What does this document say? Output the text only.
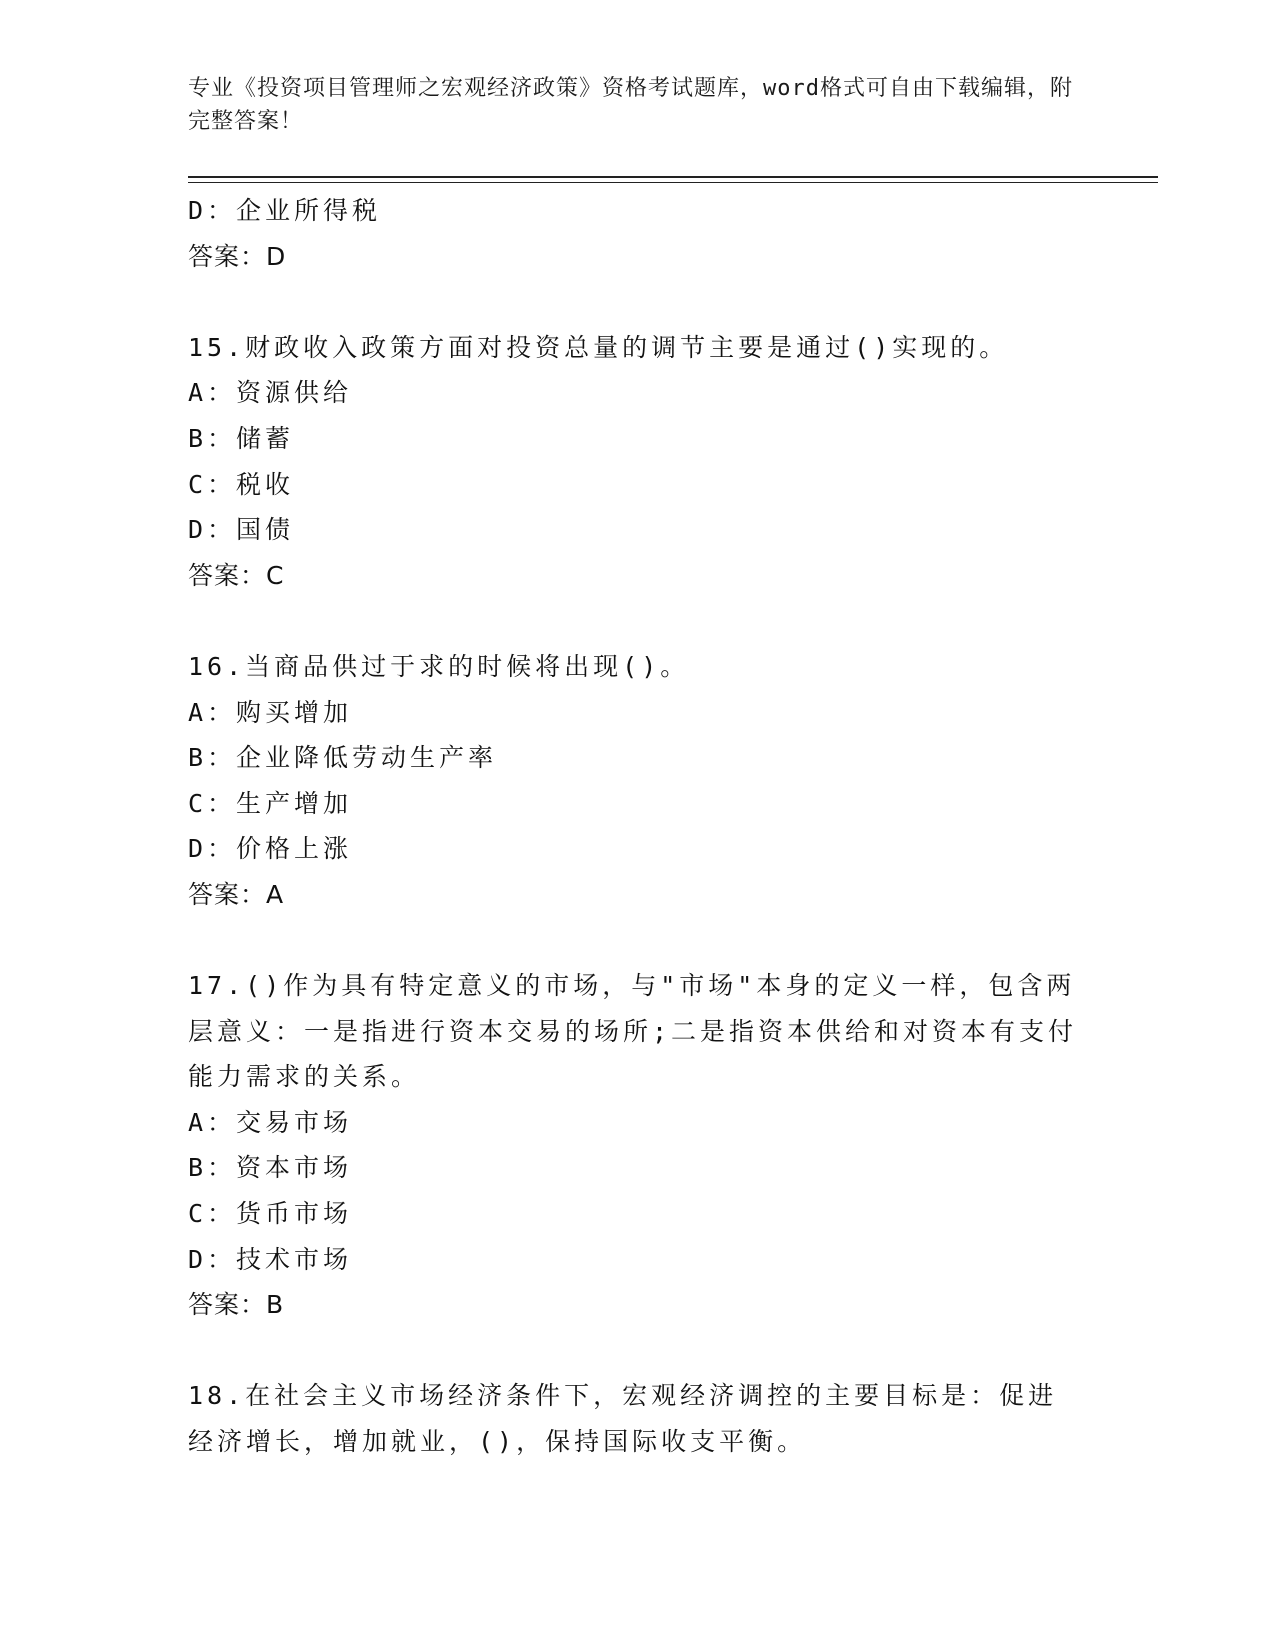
专业《投资项目管理师之宏观经济政策》资格考试题库，word格式可自由下载编辑，附完整答案！

D：企业所得税

答案：D

15.财政收入政策方面对投资总量的调节主要是通过()实现的。

A：资源供给

B：储蓄

C：税收

D：国债

答案：C

16.当商品供过于求的时候将出现()。

A：购买增加

B：企业降低劳动生产率

C：生产增加

D：价格上涨

答案：A

17.()作为具有特定意义的市场，与"市场"本身的定义一样，包含两层意义：一是指进行资本交易的场所;二是指资本供给和对资本有支付能力需求的关系。

A：交易市场

B：资本市场

C：货币市场

D：技术市场

答案：B

18.在社会主义市场经济条件下，宏观经济调控的主要目标是：促进经济增长，增加就业，()，保持国际收支平衡。
